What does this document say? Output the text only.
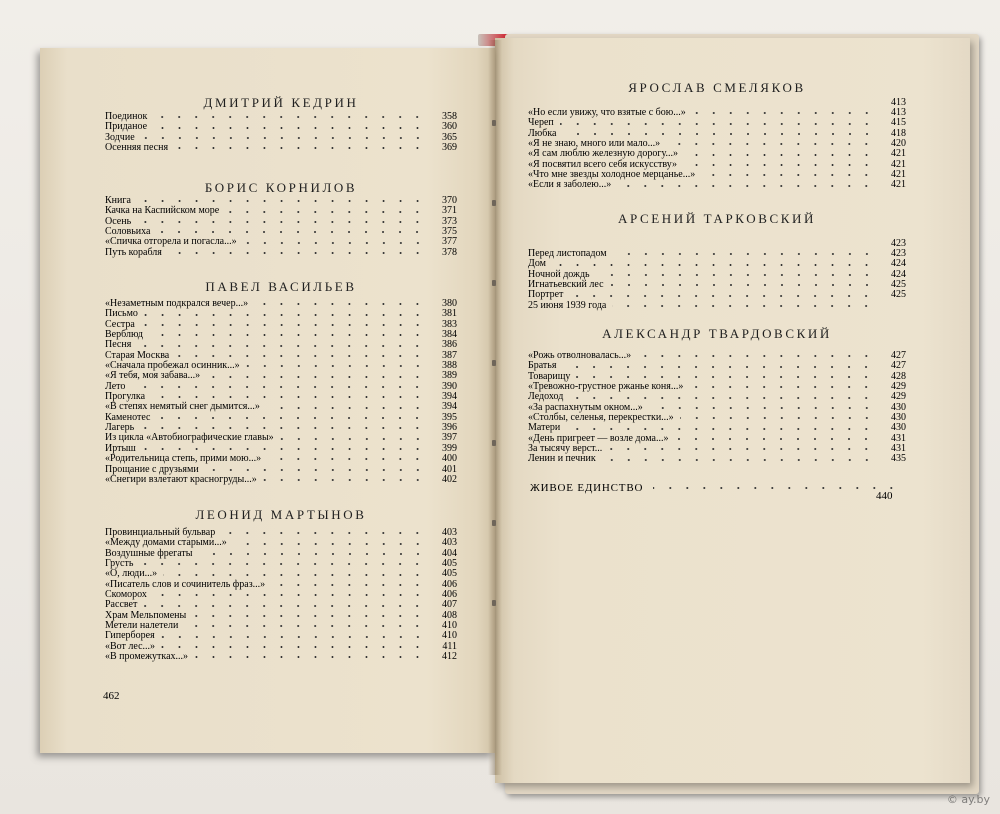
ДМИТРИЙ КЕДРИН
Поединок	358
Приданое	360
Зодчие	365
Осенняя песня	369
БОРИС КОРНИЛОВ
Книга	370
Качка на Каспийском море	371
Осень	373
Соловьиха	375
«Спичка отгорела и погасла...»	377
Путь корабля	378
ПАВЕЛ ВАСИЛЬЕВ
«Незаметным подкрался вечер...»	380
Письмо	381
Сестра	383
Верблюд	384
Песня	386
Старая Москва	387
«Сначала пробежал осинник...»	388
«Я тебя, моя забава...»	389
Лето	390
Прогулка	394
«В степях немятый снег дымится...»	394
Каменотес	395
Лагерь	396
Из цикла «Автобиографические главы»	397
Иртыш	399
«Родительница степь, прими мою...»	400
Прощание с друзьями	401
«Снегири взлетают красногруды...»	402
ЛЕОНИД МАРТЫНОВ
Провинциальный бульвар	403
«Между домами старыми...»	403
Воздушные фрегаты	404
Грусть	405
«О, люди...»	405
«Писатель слов и сочинитель фраз...»	406
Скоморох	406
Рассвет	407
Храм Мельпомены	408
Метели налетели	410
Гиперборея	410
«Вот лес...»	411
«В промежутках...»	412
462
ЯРОСЛАВ СМЕЛЯКОВ
413
«Но если увижу, что взятые с бою...»	413
Череп	415
Любка	418
«Я не знаю, много или мало...»	420
«Я сам люблю железную дорогу...»	421
«Я посвятил всего себя искусству»	421
«Что мне звезды холодное мерцанье...»	421
«Если я заболею...»	421
АРСЕНИЙ ТАРКОВСКИЙ
423
Перед листопадом	423
Дом	424
Ночной дождь	424
Игнатьевский лес	425
Портрет	425
25 июня 1939 года
АЛЕКСАНДР ТВАРДОВСКИЙ
«Рожь отволновалась...»	427
Братья	427
Товарищу	428
«Тревожно-грустное ржанье коня...»	429
Ледоход	429
«За распахнутым окном...»	430
«Столбы, селенья, перекрестки...»	430
Матери	430
«День пригреет — возле дома...»	431
За тысячу верст...	431
Ленин и печник	435
ЖИВОЕ ЕДИНСТВО
440
© ay.by
